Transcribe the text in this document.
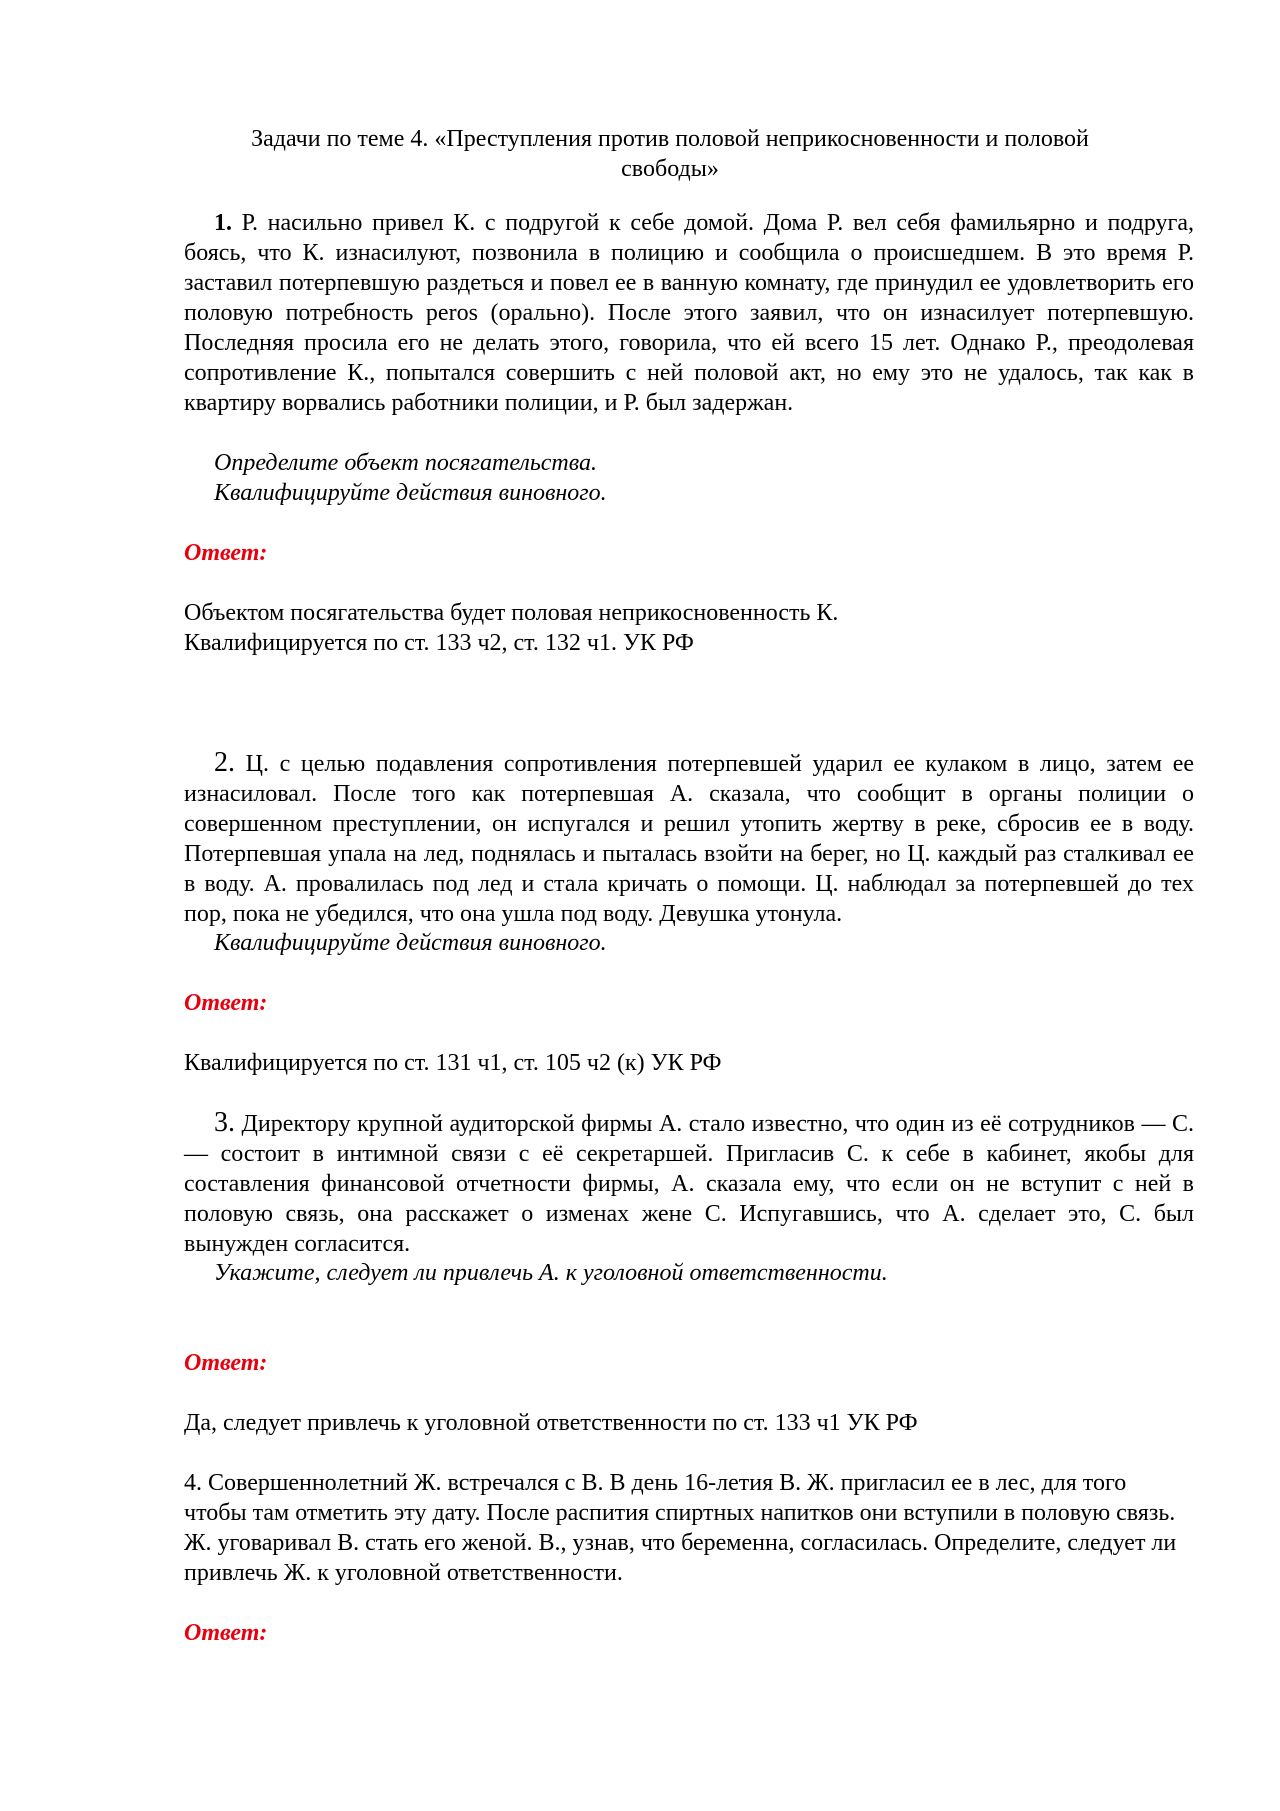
Задачи по теме 4. «Преступления против половой неприкосновенности и половой свободы»
1. Р. насильно привел К. с подругой к себе домой. Дома Р. вел себя фамильярно и подруга, боясь, что К. изнасилуют, позвонила в полицию и сообщила о происшедшем. В это время Р. заставил потерпевшую раздеться и повел ее в ванную комнату, где принудил ее удовлетворить его половую потребность peros (орально). После этого заявил, что он изнасилует потерпевшую. Последняя просила его не делать этого, говорила, что ей всего 15 лет. Однако Р., преодолевая сопротивление К., попытался совершить с ней половой акт, но ему это не удалось, так как в квартиру ворвались работники полиции, и Р. был задержан.
Определите объект посягательства.
Квалифицируйте действия виновного.
Ответ:
Объектом посягательства будет половая неприкосновенность К.
Квалифицируется по ст. 133 ч2, ст. 132 ч1. УК РФ
2. Ц. с целью подавления сопротивления потерпевшей ударил ее кулаком в лицо, затем ее изнасиловал. После того как потерпевшая А. сказала, что сообщит в органы полиции о совершенном преступлении, он испугался и решил утопить жертву в реке, сбросив ее в воду. Потерпевшая упала на лед, поднялась и пыталась взойти на берег, но Ц. каждый раз сталкивал ее в воду. А. провалилась под лед и стала кричать о помощи. Ц. наблюдал за потерпевшей до тех пор, пока не убедился, что она ушла под воду. Девушка утонула.
Квалифицируйте действия виновного.
Ответ:
Квалифицируется по ст. 131 ч1, ст. 105 ч2 (к) УК РФ
3. Директору крупной аудиторской фирмы А. стало известно, что один из её сотрудников — С. — состоит в интимной связи с её секретаршей. Пригласив С. к себе в кабинет, якобы для составления финансовой отчетности фирмы, А. сказала ему, что если он не вступит с ней в половую связь, она расскажет о изменах жене С. Испугавшись, что А. сделает это, С. был вынужден согласится.
Укажите, следует ли привлечь А. к уголовной ответственности.
Ответ:
Да, следует привлечь к уголовной ответственности по ст. 133 ч1 УК РФ
4. Совершеннолетний Ж. встречался с В. В день 16-летия В. Ж. пригласил ее в лес, для того чтобы там отметить эту дату. После распития спиртных напитков они вступили в половую связь. Ж. уговаривал В. стать его женой. В., узнав, что беременна, согласилась. Определите, следует ли привлечь Ж. к уголовной ответственности.
Ответ:
